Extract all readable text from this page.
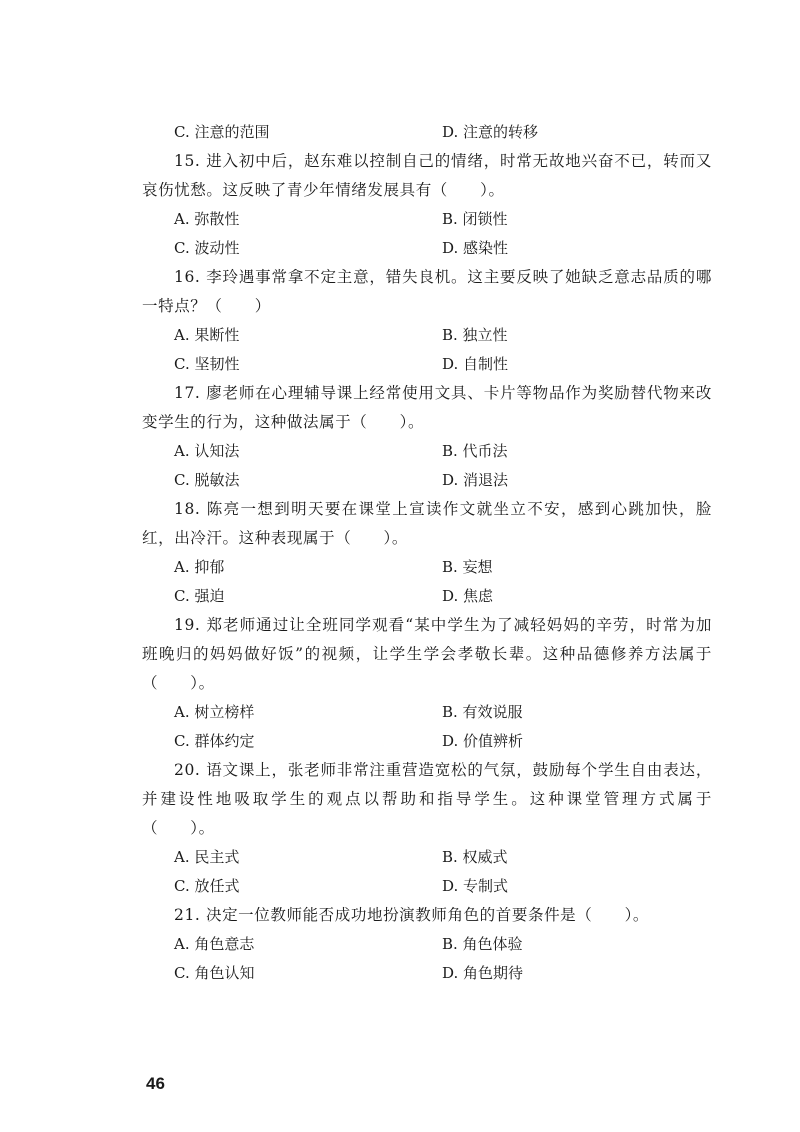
C. 注意的范围	D. 注意的转移

15. 进入初中后，赵东难以控制自己的情绪，时常无故地兴奋不已，转而又哀伤忧愁。这反映了青少年情绪发展具有（　　）。

A. 弥散性	B. 闭锁性
C. 波动性	D. 感染性

16. 李玲遇事常拿不定主意，错失良机。这主要反映了她缺乏意志品质的哪一特点？（　　）

A. 果断性	B. 独立性
C. 坚韧性	D. 自制性

17. 廖老师在心理辅导课上经常使用文具、卡片等物品作为奖励替代物来改变学生的行为，这种做法属于（　　）。

A. 认知法	B. 代币法
C. 脱敏法	D. 消退法

18. 陈亮一想到明天要在课堂上宣读作文就坐立不安，感到心跳加快，脸红，出冷汗。这种表现属于（　　）。

A. 抑郁	B. 妄想
C. 强迫	D. 焦虑

19. 郑老师通过让全班同学观看“某中学生为了减轻妈妈的辛劳，时常为加班晚归的妈妈做好饭”的视频，让学生学会孝敬长辈。这种品德修养方法属于（　　）。

A. 树立榜样	B. 有效说服
C. 群体约定	D. 价值辨析

20. 语文课上，张老师非常注重营造宽松的气氛，鼓励每个学生自由表达，并建设性地吸取学生的观点以帮助和指导学生。这种课堂管理方式属于（　　）。

A. 民主式	B. 权威式
C. 放任式	D. 专制式

21. 决定一位教师能否成功地扮演教师角色的首要条件是（　　）。

A. 角色意志	B. 角色体验
C. 角色认知	D. 角色期待
46
